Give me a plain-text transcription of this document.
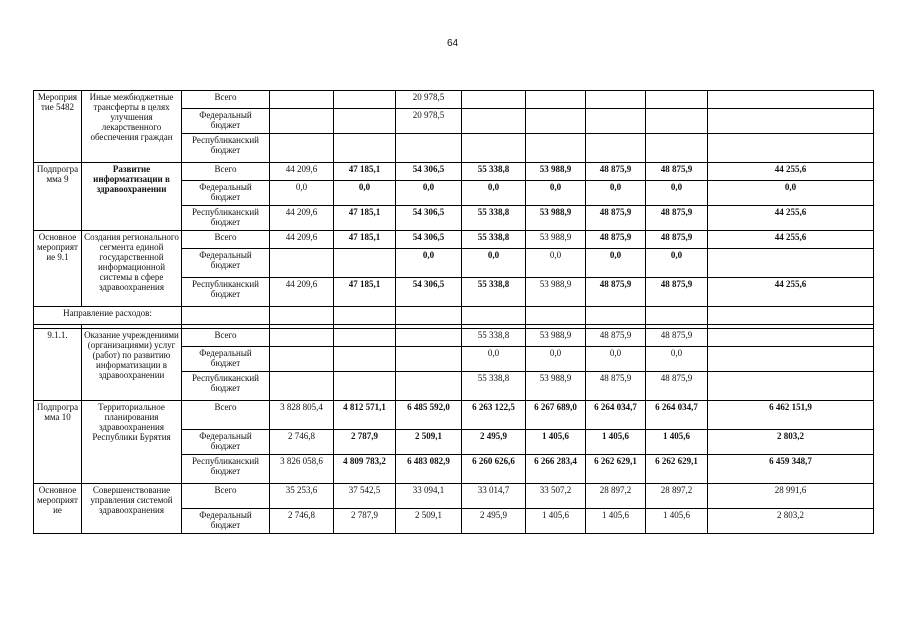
64
Мероприятие 5482	Иные межбюджетные трансферты в целях улучшения лекарственного обеспечения граждан	Всего			20 978,5					
		Федеральный бюджет			20 978,5					
		Республиканский бюджет								
Подпрограмма 9	Развитие информатизации в здравоохранении	Всего	44 209,6	47 185,1	54 306,5	55 338,8	53 988,9	48 875,9	48 875,9	44 255,6
		Федеральный бюджет	0,0	0,0	0,0	0,0	0,0	0,0	0,0	0,0
		Республиканский бюджет	44 209,6	47 185,1	54 306,5	55 338,8	53 988,9	48 875,9	48 875,9	44 255,6
Основное мероприятие 9.1	Создания регионального сегмента единой государственной информационной системы в сфере здравоохранения	Всего	44 209,6	47 185,1	54 306,5	55 338,8	53 988,9	48 875,9	48 875,9	44 255,6
		Федеральный бюджет			0,0	0,0	0,0	0,0	0,0	
		Республиканский бюджет	44 209,6	47 185,1	54 306,5	55 338,8	53 988,9	48 875,9	48 875,9	44 255,6
Направление расходов:										

9.1.1.	Оказание учреждениями (организациями) услуг (работ) по развитию информатизации в здравоохранении	Всего				55 338,8	53 988,9	48 875,9	48 875,9	
		Федеральный бюджет				0,0	0,0	0,0	0,0	
		Республиканский бюджет				55 338,8	53 988,9	48 875,9	48 875,9	
Подпрограмма 10	Территориальное планирования здравоохранения Республики Бурятия	Всего	3 828 805,4	4 812 571,1	6 485 592,0	6 263 122,5	6 267 689,0	6 264 034,7	6 264 034,7	6 462 151,9
		Федеральный бюджет	2 746,8	2 787,9	2 509,1	2 495,9	1 405,6	1 405,6	1 405,6	2 803,2
		Республиканский бюджет	3 826 058,6	4 809 783,2	6 483 082,9	6 260 626,6	6 266 283,4	6 262 629,1	6 262 629,1	6 459 348,7
Основное мероприятие	Совершенствование управления системой здравоохранения	Всего	35 253,6	37 542,5	33 094,1	33 014,7	33 507,2	28 897,2	28 897,2	28 991,6
		Федеральный бюджет	2 746,8	2 787,9	2 509,1	2 495,9	1 405,6	1 405,6	1 405,6	2 803,2
